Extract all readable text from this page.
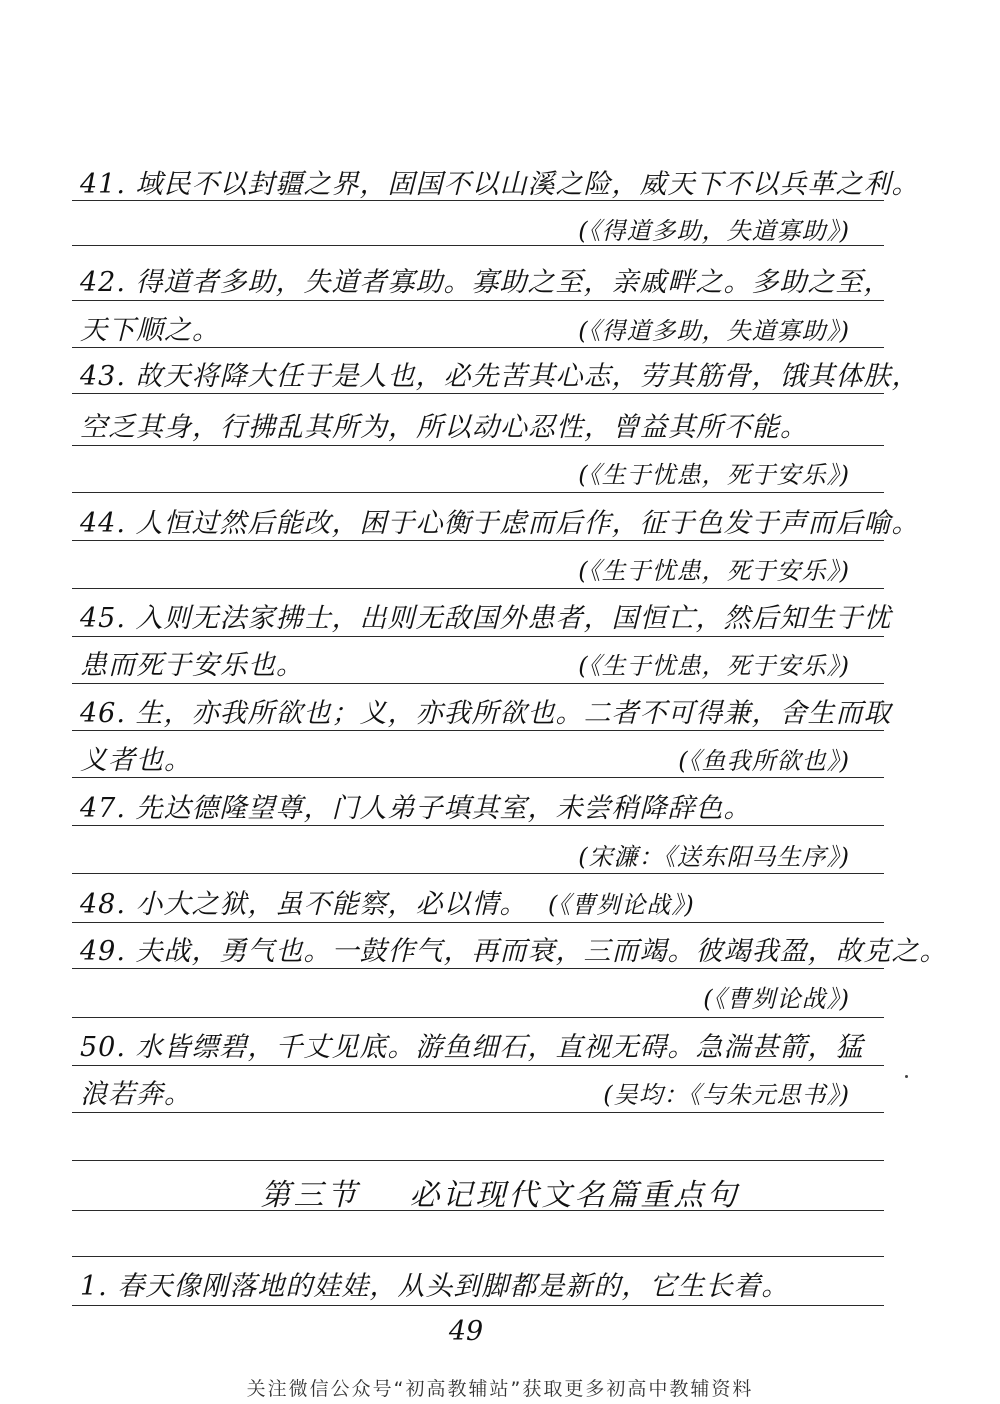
41. 域民不以封疆之界，固国不以山溪之险，威天下不以兵革之利。
(《得道多助，失道寡助》)
42. 得道者多助，失道者寡助。寡助之至，亲戚畔之。多助之至，
天下顺之。	(《得道多助，失道寡助》)
43. 故天将降大任于是人也，必先苦其心志，劳其筋骨，饿其体肤，
空乏其身，行拂乱其所为，所以动心忍性，曾益其所不能。
(《生于忧患，死于安乐》)
44. 人恒过然后能改，困于心衡于虑而后作，征于色发于声而后喻。
(《生于忧患，死于安乐》)
45. 入则无法家拂士，出则无敌国外患者，国恒亡，然后知生于忧
患而死于安乐也。	(《生于忧患，死于安乐》)
46. 生，亦我所欲也；义，亦我所欲也。二者不可得兼，舍生而取
义者也。	(《鱼我所欲也》)
47. 先达德隆望尊，门人弟子填其室，未尝稍降辞色。
(宋濂：《送东阳马生序》)
48. 小大之狱，虽不能察，必以情。 (《曹刿论战》)
49. 夫战，勇气也。一鼓作气，再而衰，三而竭。彼竭我盈，故克之。
(《曹刿论战》)
50. 水皆缥碧，千丈见底。游鱼细石，直视无碍。急湍甚箭，猛
浪若奔。	(吴均：《与朱元思书》)
第三节 必记现代文名篇重点句
1. 春天像刚落地的娃娃，从头到脚都是新的，它生长着。
49
关注微信公众号“初高教辅站”获取更多初高中教辅资料
